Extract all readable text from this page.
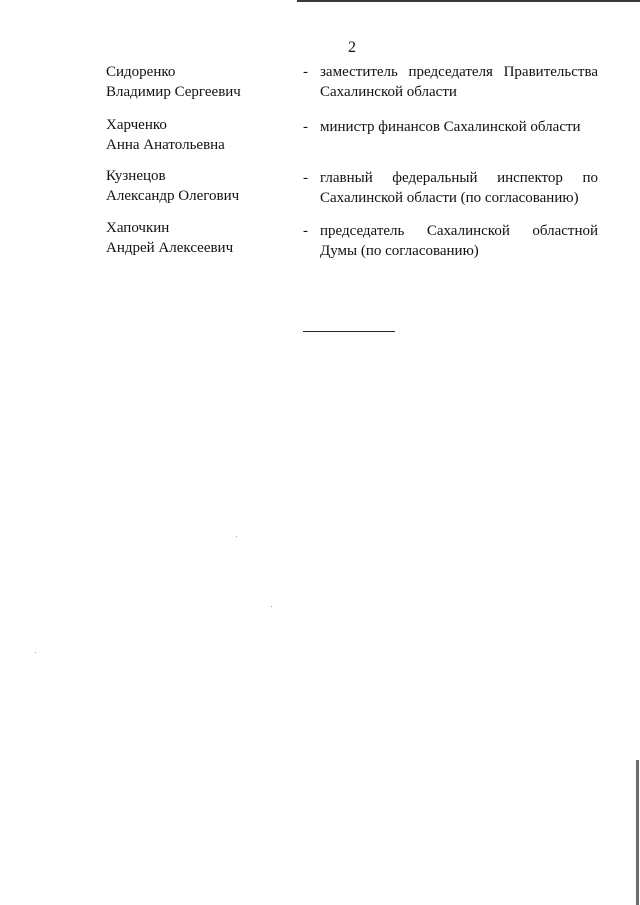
2
Сидоренко
Владимир Сергеевич
- заместитель председателя Правительства
Сахалинской области
Харченко
Анна Анатольевна
- министр финансов Сахалинской области
Кузнецов
Александр Олегович
- главный федеральный инспектор по
Сахалинской области (по согласованию)
Хапочкин
Андрей Алексеевич
- председатель Сахалинской областной
Думы (по согласованию)
